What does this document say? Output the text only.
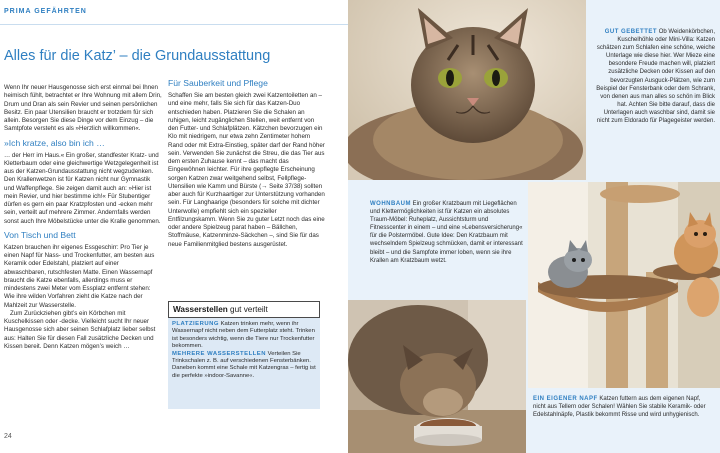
PRIMA GEFÄHRTEN
Alles für die Katz’ – die Grundausstattung

Wenn Ihr neuer Hausgenosse sich erst einmal bei Ihnen heimisch fühlt, betrachtet er Ihre Wohnung mit allem Drin, Drum und Dran als sein Revier und seinen persönlichen Besitz. Ein paar Utensilien braucht er trotzdem für sich allein. Besorgen Sie diese Dinge vor dem Einzug – die Samtpfote versteht es als »Herzlich willkommen«.

»Ich kratze, also bin ich …

… der Herr im Haus.« Ein großer, standfester Kratz- und Kletterbaum oder eine gleichwertige Wetzgelegenheit ist aus der Katzen-Grundausstattung nicht wegzudenken. Den Krallenwetzen ist für Katzen nicht nur Gymnastik und Waffenpflege. Sie zeigen damit auch an: »Hier ist mein Revier, und hier bestimme ich!« Für Stubentiger dürfen es gern ein paar Kratzpfosten und -ecken mehr sein, verteilt auf mehrere Zimmer. Andernfalls werden sonst auch Ihre Möbelstücke unter die Kralle genommen.

Von Tisch und Bett

Katzen brauchen ihr eigenes Essgeschirr: Pro Tier je einen Napf für Nass- und Trockenfutter, am besten aus Keramik oder Edelstahl, platziert auf einer abwaschbaren, rutschfesten Matte. Einen Wassernapf braucht die Katze ebenfalls, allerdings muss er mindestens zwei Meter vom Essplatz entfernt stehen: Wie ihre wilden Vorfahren zieht die Katze nach der Mahlzeit zur Wasserstelle.

Zum Zurückziehen gibt’s ein Körbchen mit Kuschelkissen oder -decke. Vielleicht sucht Ihr neuer Hausgenosse sich aber seinen Schlafplatz lieber selbst aus: Halten Sie für diesen Fall zusätzliche Decken und Kissen bereit. Denn Katzen mögen’s weich …

Für Sauberkeit und Pflege

Schaffen Sie am besten gleich zwei Katzentoiletten an – und eine mehr, falls Sie sich für das Katzen-Duo entschieden haben. Platzieren Sie die Schalen an ruhigen, leicht zugänglichen Stellen, weit entfernt von den Futter- und Schlafplätzen. Kätzchen bevorzugen ein Klo mit niedrigem, nur etwa zehn Zentimeter hohem Rand oder mit Extra-Einstieg, später darf der Rand höher sein. Verwenden Sie zunächst die Streu, die das Tier aus dem ersten Zuhause kennt – das macht das Eingewöhnen leichter. Für ihre gepflegte Erscheinung sorgen Katzen zwar weitgehend selbst, Fellpflege-Utensilien wie Kamm und Bürste (→ Seite 37/38) sollten aber auch für Kurzhaartiger zur Unterstützung vorhanden sein. Für Langhaarige (besonders für solche mit dichter Unterwolle) empfiehlt sich ein spezieller Entfilzungskamm. Wenn Sie zu guter Letzt noch das eine oder andere Spielzeug parat haben – Bällchen, Stoffmäuse, Katzenminze-Säckchen –, sind Sie für das neue Familienmitglied bestens ausgerüstet.

Wasserstellen gut verteilt

PLATZIERUNG Katzen trinken mehr, wenn ihr Wassernapf nicht neben dem Futterplatz steht. Trinken ist besonders wichtig, wenn die Tiere nur Trockenfutter bekommen.
MEHRERE WASSERSTELLEN Verteilen Sie Trinkschalen z. B. auf verschiedenen Fensterbänken. Daneben kommt eine Schale mit Katzengras – fertig ist die perfekte »indoor-Savanne«.
24
GUT GEBETTET Ob Weidenkörbchen, Kuschelhöhle oder Mini-Villa: Katzen schätzen zum Schlafen eine schöne, weiche Unterlage wie diese hier. Wer Mieze eine besondere Freude machen will, platziert zusätzliche Decken oder Kissen auf den bevorzugten Ausguck-Plätzen, wie zum Beispiel der Fensterbank oder dem Schrank, von denen aus man alles so schön im Blick hat. Achten Sie bitte darauf, dass die Unterlagen auch waschbar sind, damit sie nicht zum Eldorado für Plagegeister werden.
WOHNBAUM Ein großer Kratzbaum mit Liegeflächen und Klettermöglichkeiten ist für Katzen ein absolutes Traum-Möbel: Ruheplatz, Aussichtsturm und Fitnesscenter in einem – und eine »Lebensversicherung« für die Polstermöbel. Gute Idee: Den Kratzbaum mit wechselndem Spielzeug schmücken, damit er interessant bleibt – und die Sampfote immer loben, wenn sie ihre Krallen am Kratzbaum wetzt.
EIN EIGENER NAPF Katzen futtern aus dem eigenen Napf, nicht aus Tellern oder Schalen! Wählen Sie stabile Keramik- oder Edelstahlnäpfe, Plastik bekommt Risse und wird unhygienisch.
